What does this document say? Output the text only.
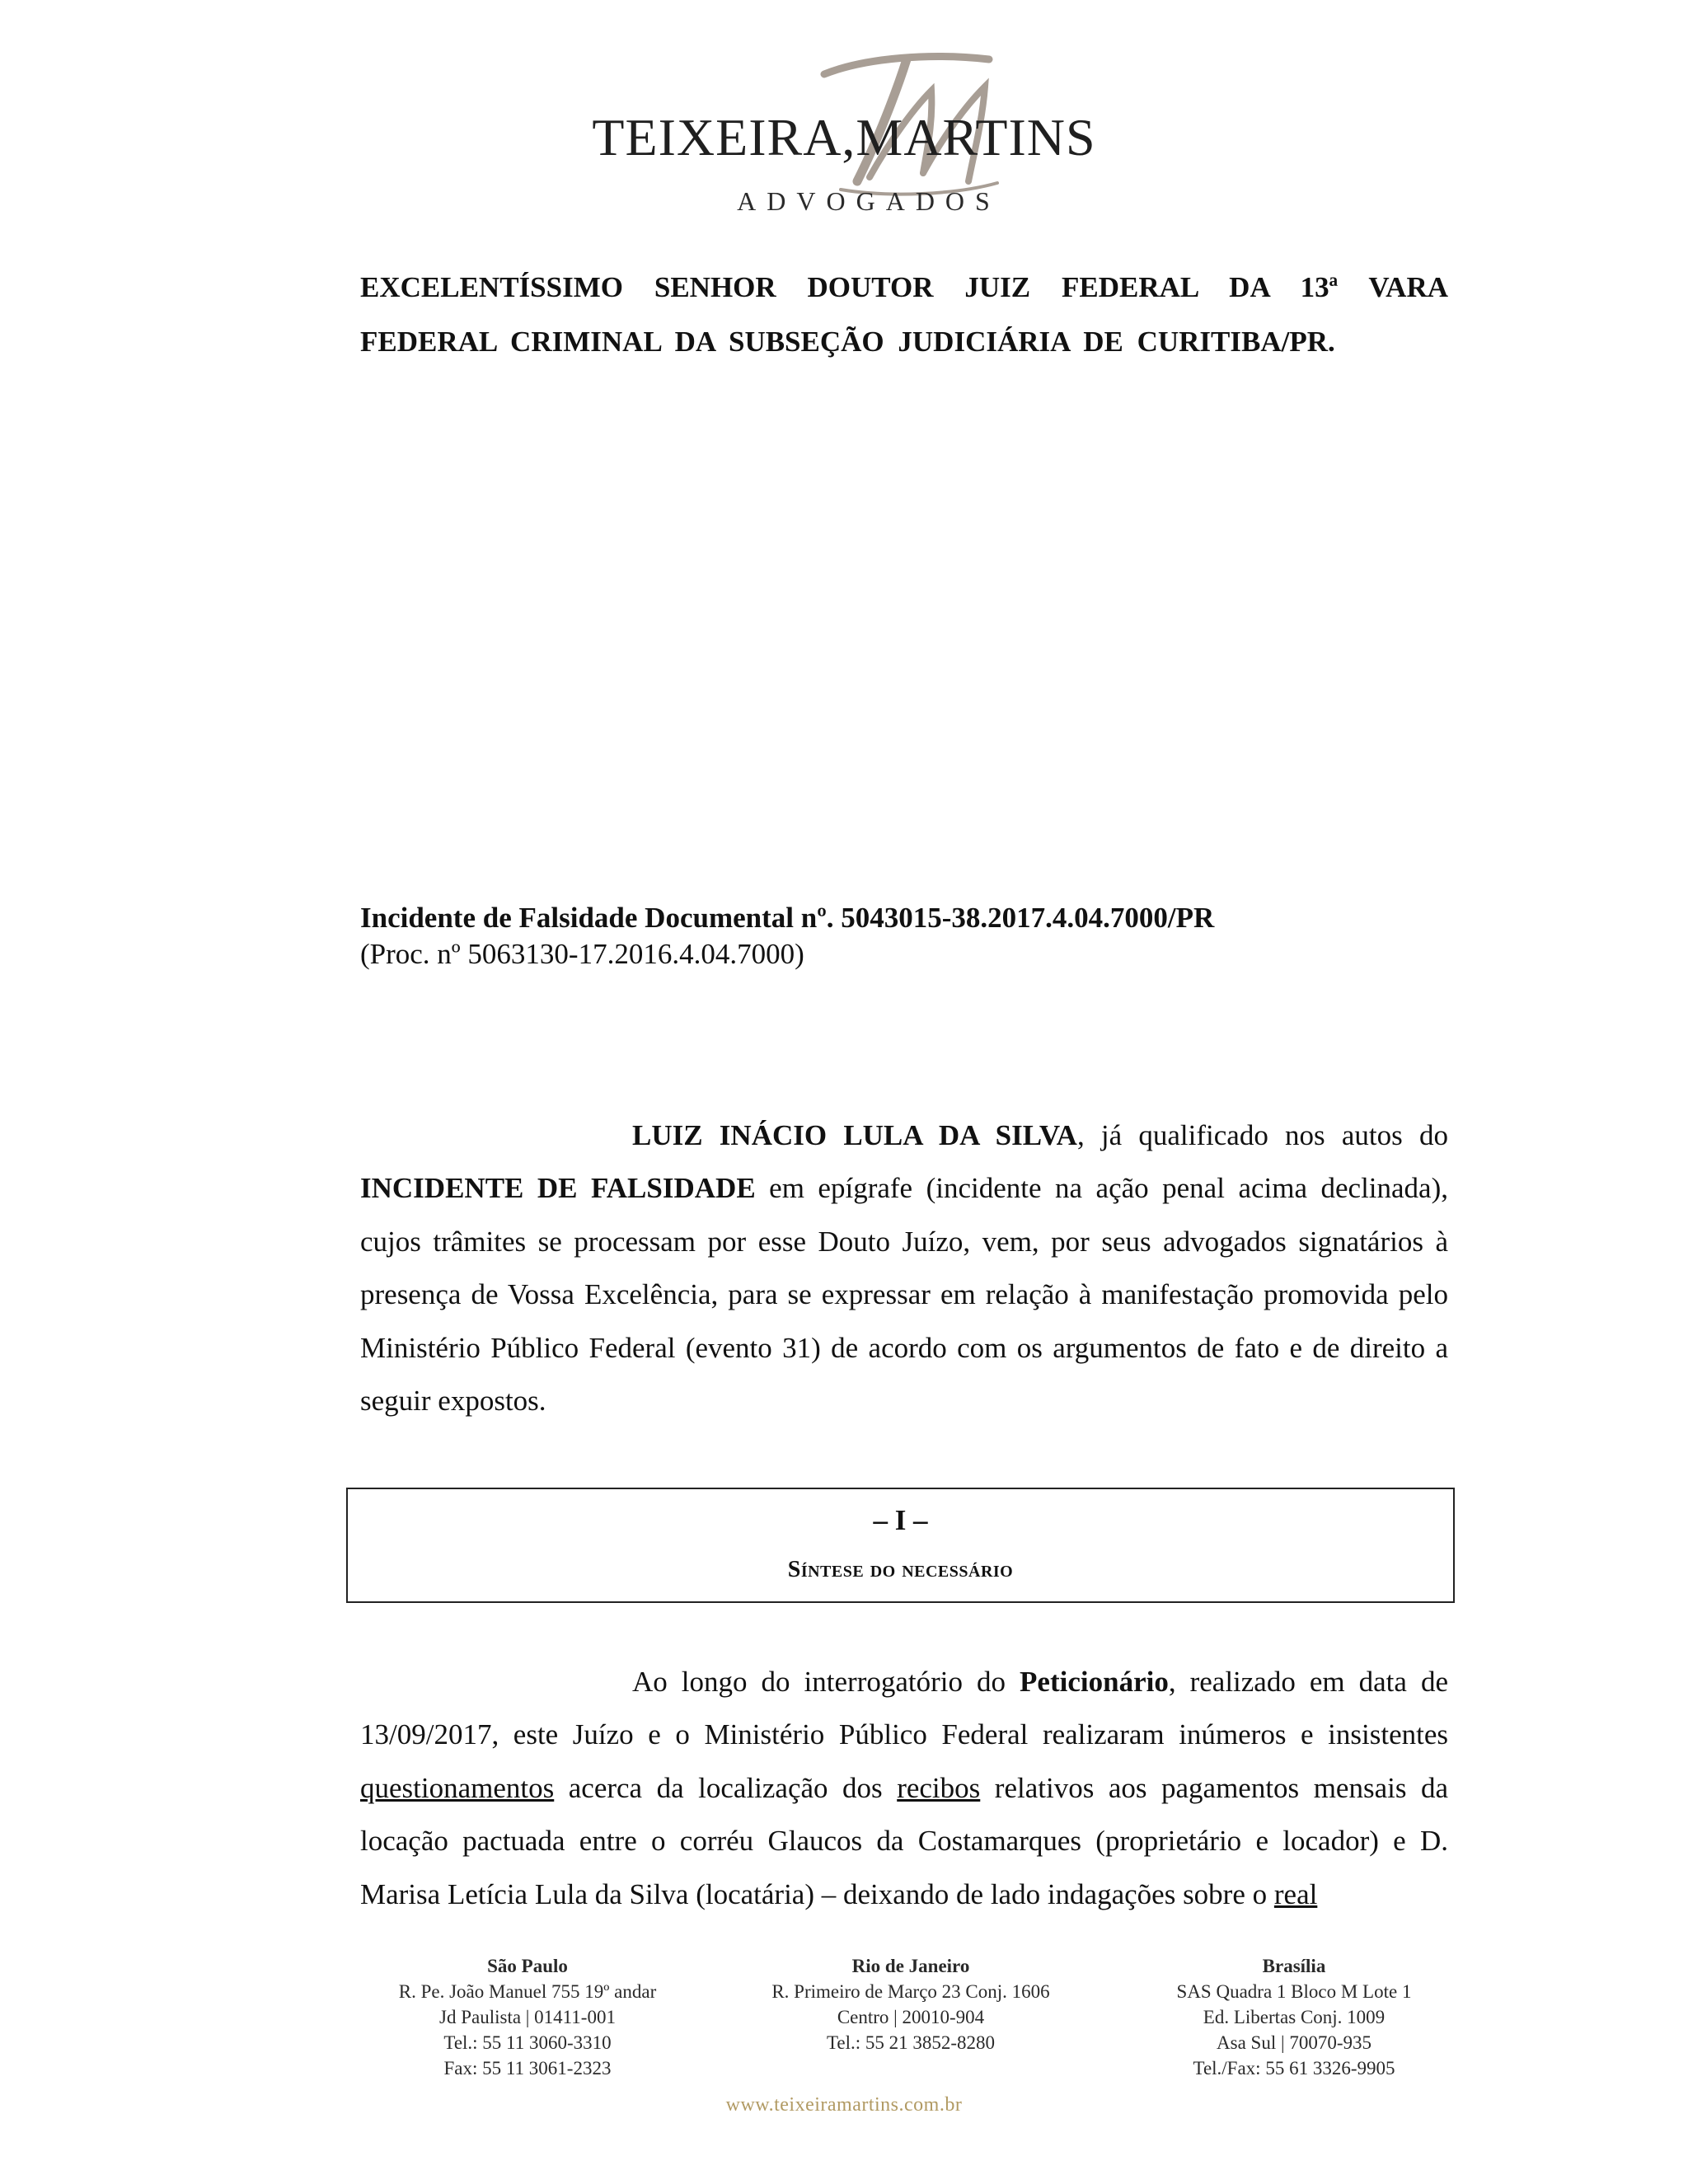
TEIXEIRA,MARTINS
ADVOGADOS
EXCELENTÍSSIMO SENHOR DOUTOR JUIZ FEDERAL DA 13ª VARA FEDERAL CRIMINAL DA SUBSEÇÃO JUDICIÁRIA DE CURITIBA/PR.
Incidente de Falsidade Documental nº. 5043015-38.2017.4.04.7000/PR
(Proc. nº 5063130-17.2016.4.04.7000)
LUIZ INÁCIO LULA DA SILVA, já qualificado nos autos do INCIDENTE DE FALSIDADE em epígrafe (incidente na ação penal acima declinada), cujos trâmites se processam por esse Douto Juízo, vem, por seus advogados signatários à presença de Vossa Excelência, para se expressar em relação à manifestação promovida pelo Ministério Público Federal (evento 31) de acordo com os argumentos de fato e de direito a seguir expostos.
– I –
Síntese do necessário
Ao longo do interrogatório do Peticionário, realizado em data de 13/09/2017, este Juízo e o Ministério Público Federal realizaram inúmeros e insistentes questionamentos acerca da localização dos recibos relativos aos pagamentos mensais da locação pactuada entre o corréu Glaucos da Costamarques (proprietário e locador) e D. Marisa Letícia Lula da Silva (locatária) – deixando de lado indagações sobre o real
São Paulo
R. Pe. João Manuel 755 19º andar
Jd Paulista | 01411-001
Tel.: 55 11 3060-3310
Fax: 55 11 3061-2323
Rio de Janeiro
R. Primeiro de Março 23 Conj. 1606
Centro | 20010-904
Tel.: 55 21 3852-8280
Brasília
SAS Quadra 1 Bloco M Lote 1
Ed. Libertas Conj. 1009
Asa Sul | 70070-935
Tel./Fax: 55 61 3326-9905
www.teixeiramartins.com.br
